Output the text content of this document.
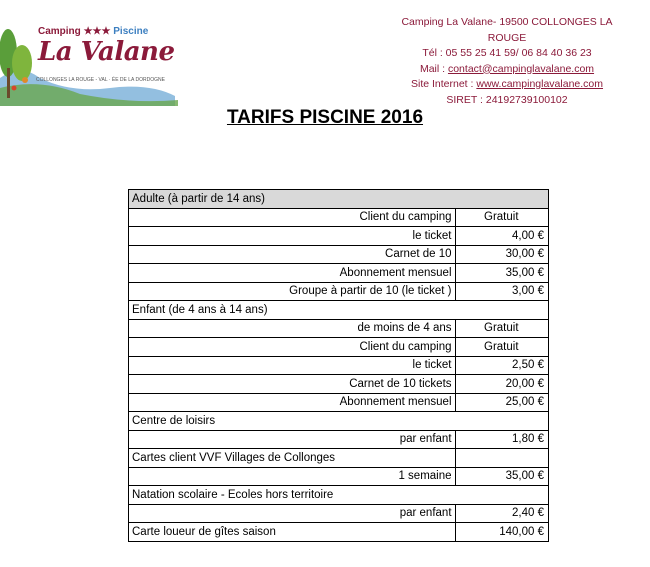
Camping ★★★ Piscine
La Valane
COLLONGES LA ROUGE - VAL · ÉE DE LA DORDOGNE
Camping La Valane- 19500 COLLONGES LA ROUGE
Tél : 05 55 25 41 59/ 06 84 40 36 23
Mail : contact@campinglavalane.com
Site Internet : www.campinglavalane.com
SIRET : 24192739100102
TARIFS PISCINE 2016
Adulte (à partir de 14 ans)	
Client du camping	Gratuit
le ticket	4,00 €
Carnet de 10	30,00 €
Abonnement mensuel	35,00 €
Groupe à partir de 10 (le ticket )	3,00 €
Enfant (de 4 ans à 14 ans)	
de moins de 4 ans	Gratuit
Client du camping	Gratuit
le ticket	2,50 €
Carnet de 10 tickets	20,00 €
Abonnement mensuel	25,00 €
Centre de loisirs	
par enfant	1,80 €
Cartes client VVF Villages de Collonges	
1 semaine	35,00 €
Natation scolaire - Ecoles hors territoire	
par enfant	2,40 €
Carte loueur de gîtes saison	140,00 €
